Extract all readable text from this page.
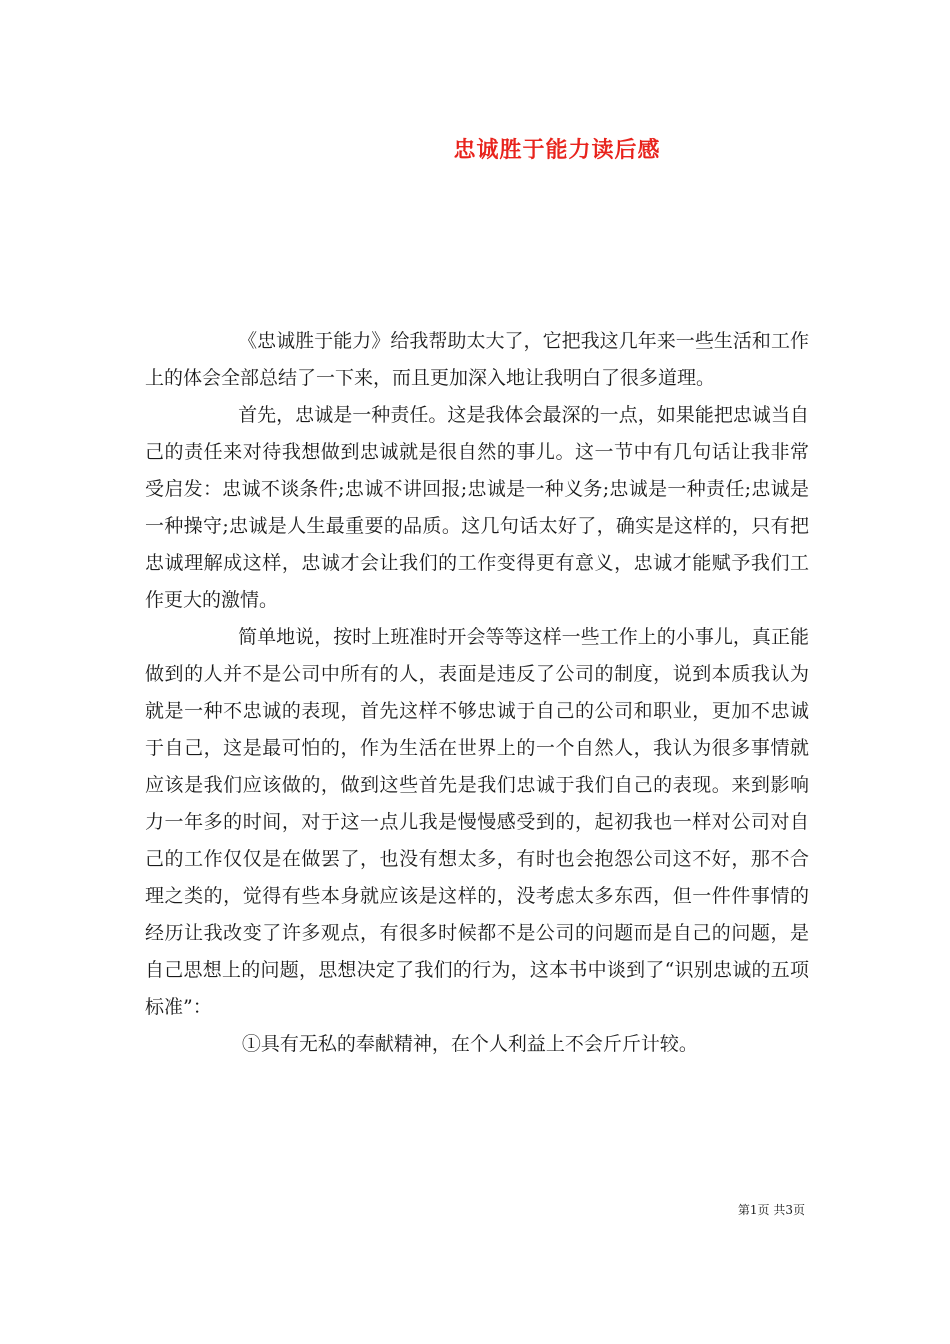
忠诚胜于能力读后感

《忠诚胜于能力》给我帮助太大了，它把我这几年来一些生活和工作上的体会全部总结了一下来，而且更加深入地让我明白了很多道理。

首先，忠诚是一种责任。这是我体会最深的一点，如果能把忠诚当自己的责任来对待我想做到忠诚就是很自然的事儿。这一节中有几句话让我非常受启发：忠诚不谈条件;忠诚不讲回报;忠诚是一种义务;忠诚是一种责任;忠诚是一种操守;忠诚是人生最重要的品质。这几句话太好了，确实是这样的，只有把忠诚理解成这样，忠诚才会让我们的工作变得更有意义，忠诚才能赋予我们工作更大的激情。

简单地说，按时上班准时开会等等这样一些工作上的小事儿，真正能做到的人并不是公司中所有的人，表面是违反了公司的制度，说到本质我认为就是一种不忠诚的表现，首先这样不够忠诚于自己的公司和职业，更加不忠诚于自己，这是最可怕的，作为生活在世界上的一个自然人，我认为很多事情就应该是我们应该做的，做到这些首先是我们忠诚于我们自己的表现。来到影响力一年多的时间，对于这一点儿我是慢慢感受到的，起初我也一样对公司对自己的工作仅仅是在做罢了，也没有想太多，有时也会抱怨公司这不好，那不合理之类的，觉得有些本身就应该是这样的，没考虑太多东西，但一件件事情的经历让我改变了许多观点，有很多时候都不是公司的问题而是自己的问题，是自己思想上的问题，思想决定了我们的行为，这本书中谈到了“识别忠诚的五项标准”：

①具有无私的奉献精神，在个人利益上不会斤斤计较。

第1页 共3页
